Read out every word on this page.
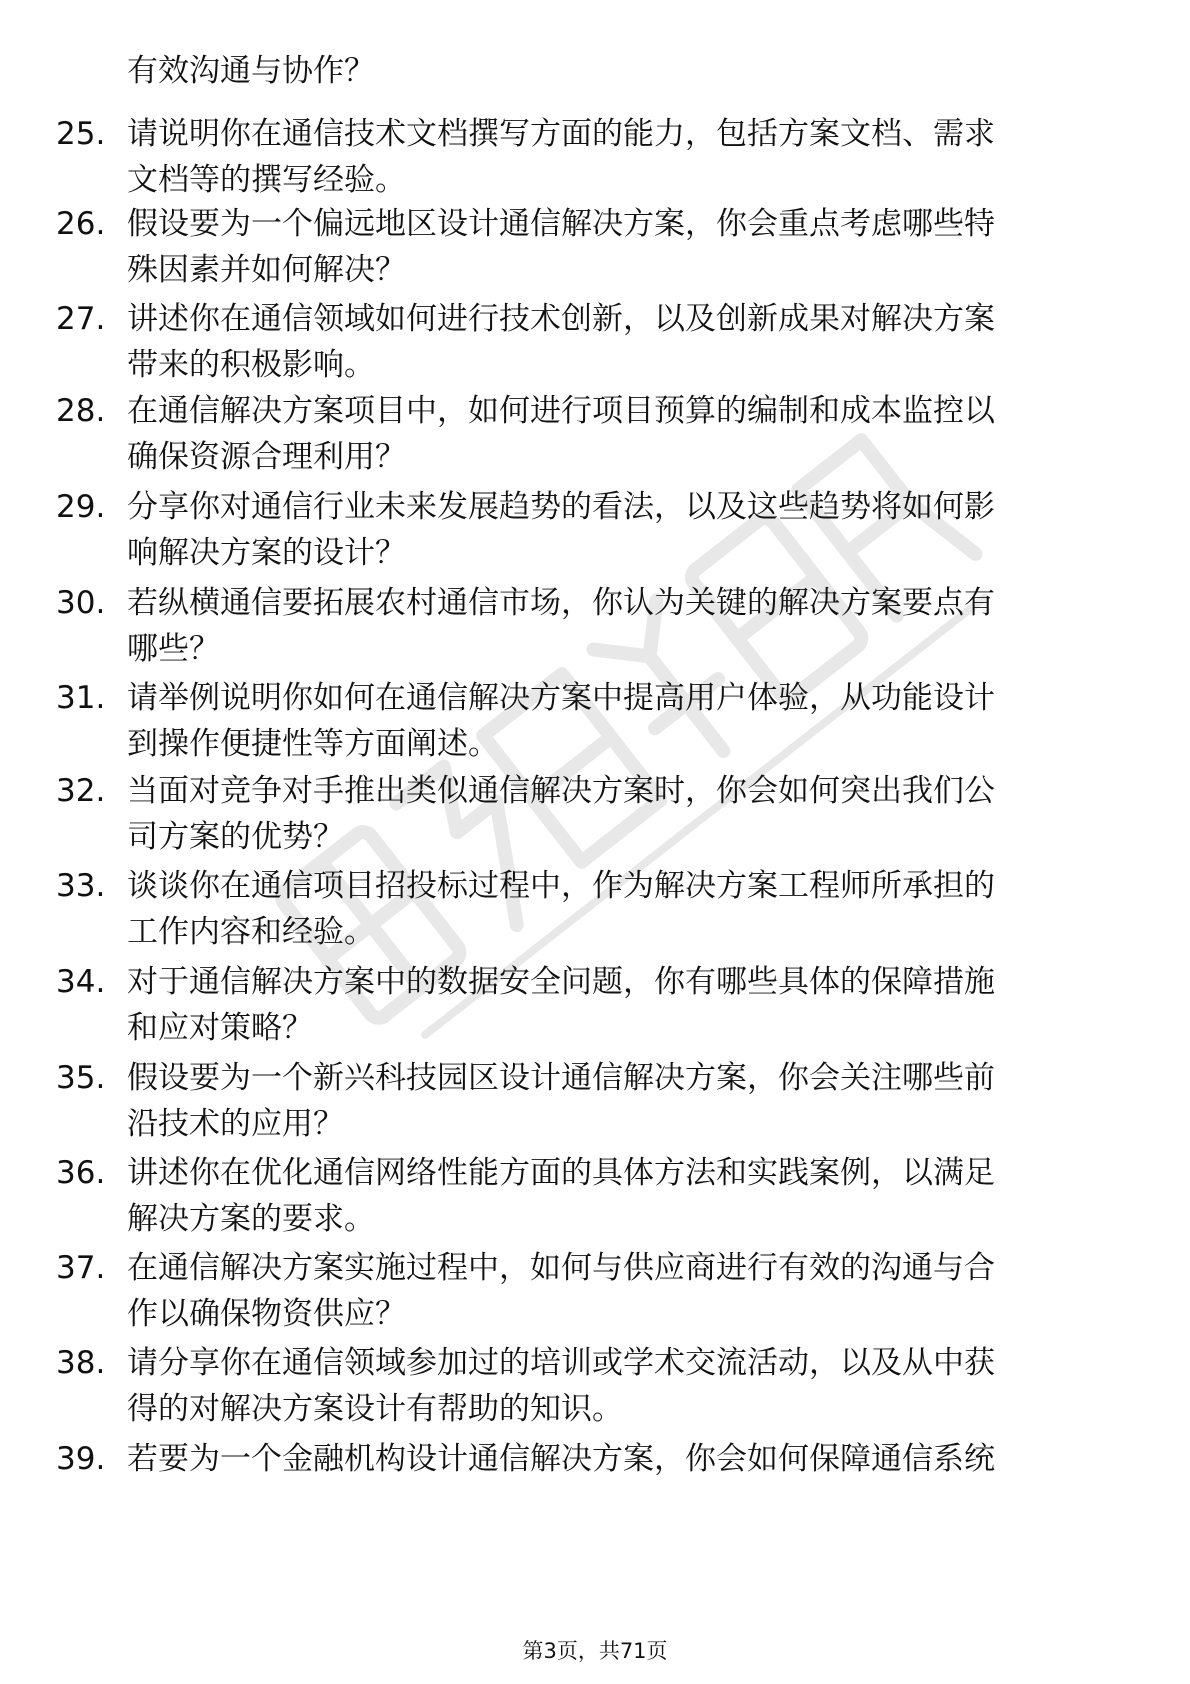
有效沟通与协作？
25. 请说明你在通信技术文档撰写方面的能力，包括方案文档、需求
文档等的撰写经验。
26. 假设要为一个偏远地区设计通信解决方案，你会重点考虑哪些特
殊因素并如何解决？
27. 讲述你在通信领域如何进行技术创新，以及创新成果对解决方案
带来的积极影响。
28. 在通信解决方案项目中，如何进行项目预算的编制和成本监控以
确保资源合理利用？
29. 分享你对通信行业未来发展趋势的看法，以及这些趋势将如何影
响解决方案的设计？
30. 若纵横通信要拓展农村通信市场，你认为关键的解决方案要点有
哪些？
31. 请举例说明你如何在通信解决方案中提高用户体验，从功能设计
到操作便捷性等方面阐述。
32. 当面对竞争对手推出类似通信解决方案时，你会如何突出我们公
司方案的优势？
33. 谈谈你在通信项目招投标过程中，作为解决方案工程师所承担的
工作内容和经验。
34. 对于通信解决方案中的数据安全问题，你有哪些具体的保障措施
和应对策略？
35. 假设要为一个新兴科技园区设计通信解决方案，你会关注哪些前
沿技术的应用？
36. 讲述你在优化通信网络性能方面的具体方法和实践案例，以满足
解决方案的要求。
37. 在通信解决方案实施过程中，如何与供应商进行有效的沟通与合
作以确保物资供应？
38. 请分享你在通信领域参加过的培训或学术交流活动，以及从中获
得的对解决方案设计有帮助的知识。
39. 若要为一个金融机构设计通信解决方案，你会如何保障通信系统
第3页，共71页
